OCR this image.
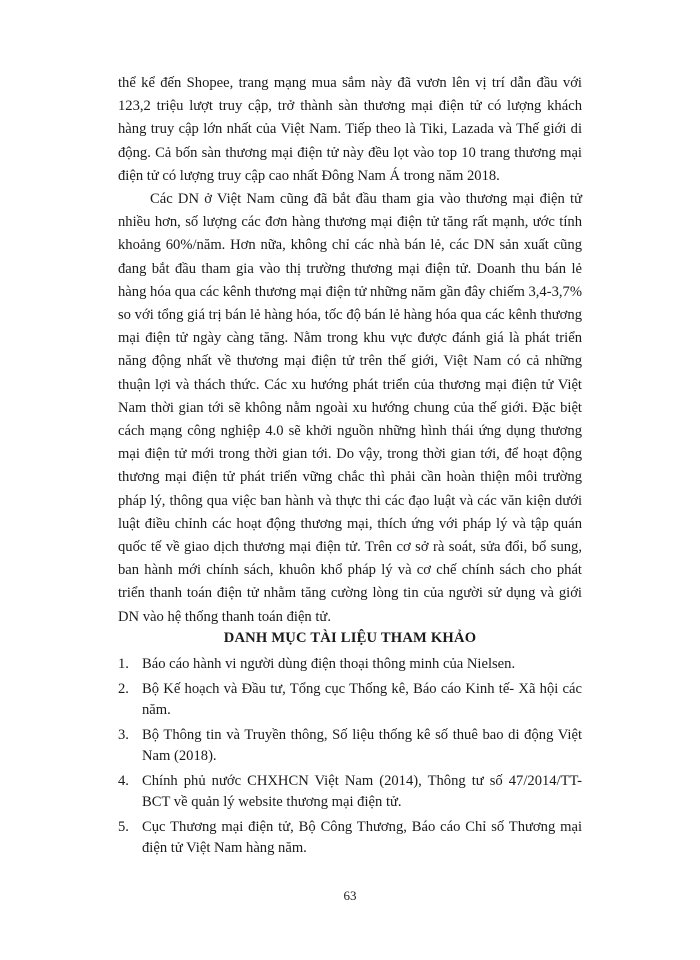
thể kể đến Shopee, trang mạng mua sắm này đã vươn lên vị trí dẫn đầu với 123,2 triệu lượt truy cập, trở thành sàn thương mại điện tử có lượng khách hàng truy cập lớn nhất của Việt Nam. Tiếp theo là Tiki, Lazada và Thế giới di động. Cả bốn sàn thương mại điện tử này đều lọt vào top 10 trang thương mại điện tử có lượng truy cập cao nhất Đông Nam Á trong năm 2018.

Các DN ở Việt Nam cũng đã bắt đầu tham gia vào thương mại điện tử nhiều hơn, số lượng các đơn hàng thương mại điện tử tăng rất mạnh, ước tính khoảng 60%/năm. Hơn nữa, không chỉ các nhà bán lẻ, các DN sản xuất cũng đang bắt đầu tham gia vào thị trường thương mại điện tử. Doanh thu bán lẻ hàng hóa qua các kênh thương mại điện tử những năm gần đây chiếm 3,4-3,7% so với tổng giá trị bán lẻ hàng hóa, tốc độ bán lẻ hàng hóa qua các kênh thương mại điện tử ngày càng tăng. Nằm trong khu vực được đánh giá là phát triển năng động nhất về thương mại điện tử trên thế giới, Việt Nam có cả những thuận lợi và thách thức. Các xu hướng phát triển của thương mại điện tử Việt Nam thời gian tới sẽ không nằm ngoài xu hướng chung của thế giới. Đặc biệt cách mạng công nghiệp 4.0 sẽ khởi nguồn những hình thái ứng dụng thương mại điện tử mới trong thời gian tới. Do vậy, trong thời gian tới, để hoạt động thương mại điện tử phát triển vững chắc thì phải cần hoàn thiện môi trường pháp lý, thông qua việc ban hành và thực thi các đạo luật và các văn kiện dưới luật điều chỉnh các hoạt động thương mại, thích ứng với pháp lý và tập quán quốc tế về giao dịch thương mại điện tử. Trên cơ sở rà soát, sửa đổi, bổ sung, ban hành mới chính sách, khuôn khổ pháp lý và cơ chế chính sách cho phát triển thanh toán điện tử nhằm tăng cường lòng tin của người sử dụng và giới DN vào hệ thống thanh toán điện tử.

DANH MỤC TÀI LIỆU THAM KHẢO
1. Báo cáo hành vi người dùng điện thoại thông minh của Nielsen.
2. Bộ Kế hoạch và Đầu tư, Tổng cục Thống kê, Báo cáo Kinh tế- Xã hội các năm.
3. Bộ Thông tin và Truyền thông, Số liệu thống kê số thuê bao di động Việt Nam (2018).
4. Chính phủ nước CHXHCN Việt Nam (2014), Thông tư số 47/2014/TT-BCT về quản lý website thương mại điện tử.
5. Cục Thương mại điện tử, Bộ Công Thương, Báo cáo Chỉ số Thương mại điện tử Việt Nam hàng năm.
63
